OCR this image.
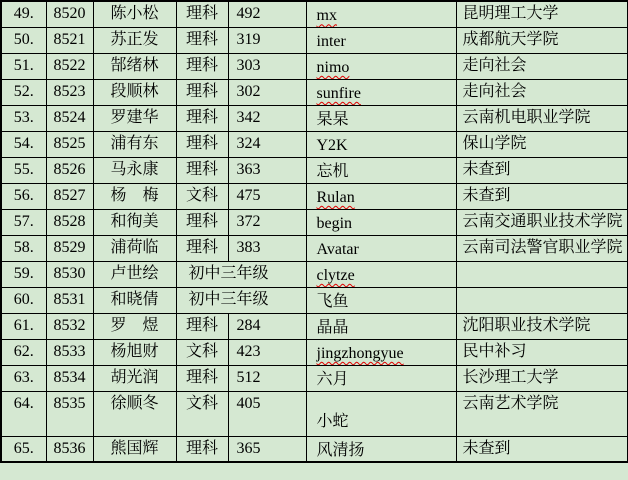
49.	8520	陈小松	理科	492	mx	昆明理工大学
50.	8521	苏正发	理科	319	inter	成都航天学院
51.	8522	郜绪林	理科	303	nimo	走向社会
52.	8523	段顺林	理科	302	sunfire	走向社会
53.	8524	罗建华	理科	342	杲杲	云南机电职业学院
54.	8525	浦有东	理科	324	Y2K	保山学院
55.	8526	马永康	理科	363	忘机	未查到
56.	8527	杨　梅	文科	475	Rulan	未查到
57.	8528	和徇美	理科	372	begin	云南交通职业技术学院
58.	8529	浦荷临	理科	383	Avatar	云南司法警官职业学院
59.	8530	卢世绘	初中三年级		clytze	
60.	8531	和晓倩	初中三年级		飞鱼	
61.	8532	罗　煜	理科	284	晶晶	沈阳职业技术学院
62.	8533	杨旭财	文科	423	jingzhongyue	民中补习
63.	8534	胡光润	理科	512	六月	长沙理工大学
64.	8535	徐顺冬	文科	405	小蛇	云南艺术学院
65.	8536	熊国辉	理科	365	风清扬	未查到
